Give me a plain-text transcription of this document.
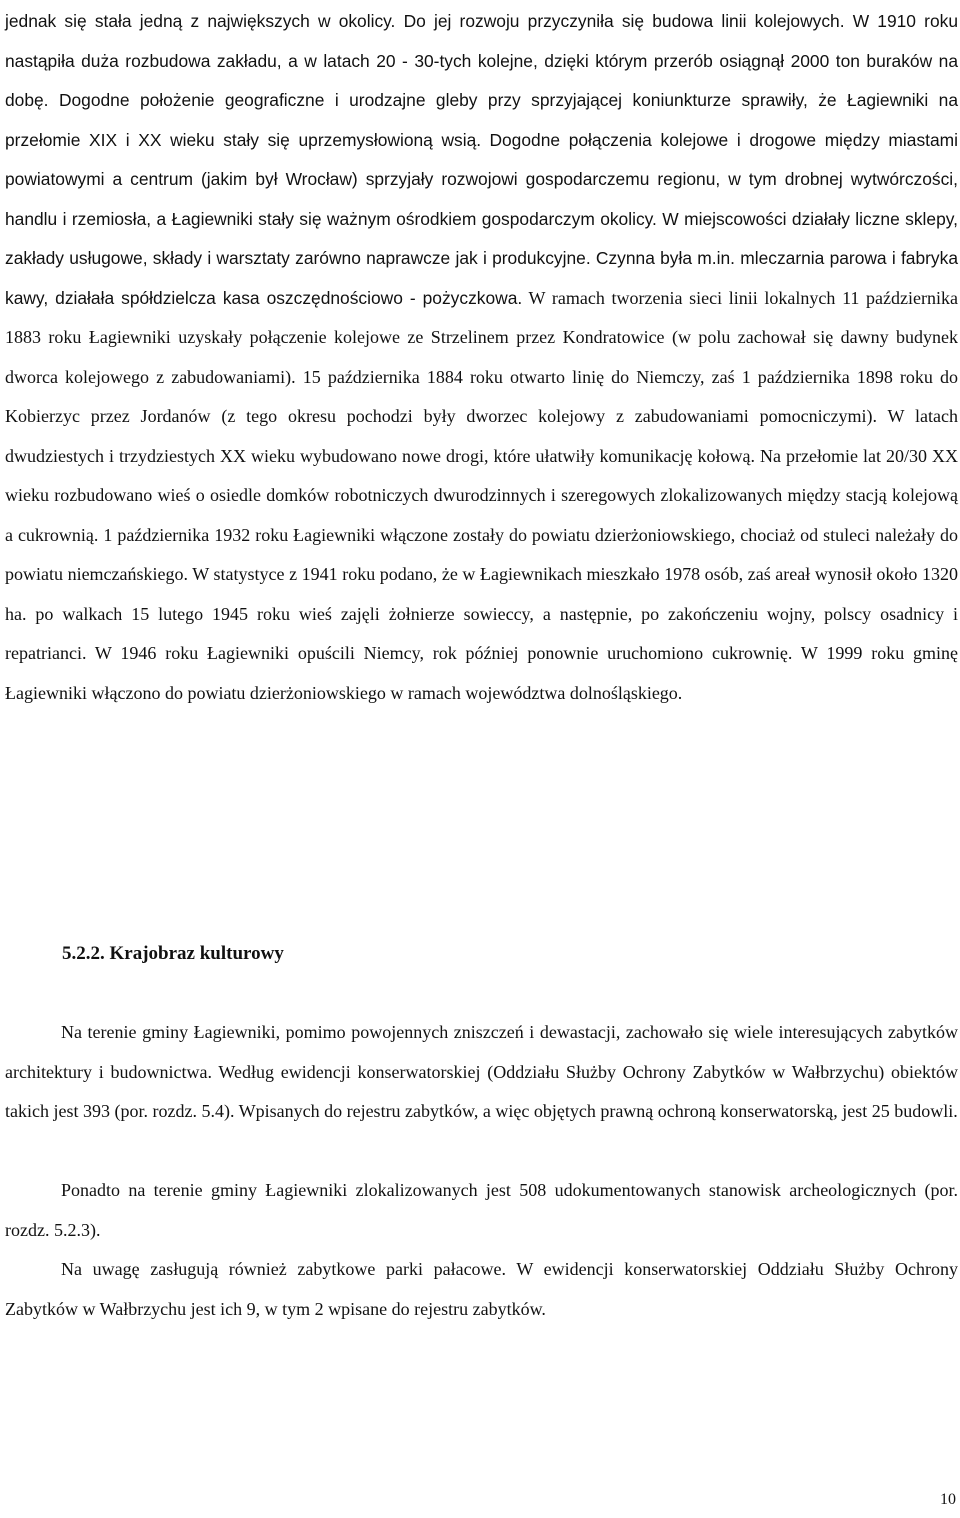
jednak się stała jedną z największych w okolicy. Do jej rozwoju przyczyniła się budowa linii kolejowych. W 1910 roku nastąpiła duża rozbudowa zakładu, a w latach 20 - 30-tych kolejne, dzięki którym przerób osiągnął 2000 ton buraków na dobę. Dogodne położenie geograficzne i urodzajne gleby przy sprzyjającej koniunkturze sprawiły, że Łagiewniki na przełomie XIX i XX wieku stały się uprzemysłowioną wsią. Dogodne połączenia kolejowe i drogowe między miastami powiatowymi a centrum (jakim był Wrocław) sprzyjały rozwojowi gospodarczemu regionu, w tym drobnej wytwórczości, handlu i rzemiosła, a Łagiewniki stały się ważnym ośrodkiem gospodarczym okolicy. W miejscowości działały liczne sklepy, zakłady usługowe, składy i warsztaty zarówno naprawcze jak i produkcyjne. Czynna była m.in. mleczarnia parowa i fabryka kawy, działała spółdzielcza kasa oszczędnościowo - pożyczkowa. W ramach tworzenia sieci linii lokalnych 11 października 1883 roku Łagiewniki uzyskały połączenie kolejowe ze Strzelinem przez Kondratowice (w polu zachował się dawny budynek dworca kolejowego z zabudowaniami). 15 października 1884 roku otwarto linię do Niemczy, zaś 1 października 1898 roku do Kobierzyc przez Jordanów (z tego okresu pochodzi były dworzec kolejowy z zabudowaniami pomocniczymi). W latach dwudziestych i trzydziestych XX wieku wybudowano nowe drogi, które ułatwiły komunikację kołową. Na przełomie lat 20/30 XX wieku rozbudowano wieś o osiedle domków robotniczych dwurodzinnych i szeregowych zlokalizowanych między stacją kolejową a cukrownią. 1 października 1932 roku Łagiewniki włączone zostały do powiatu dzierżoniowskiego, chociaż od stuleci należały do powiatu niemczańskiego. W statystyce z 1941 roku podano, że w Łagiewnikach mieszkało 1978 osób, zaś areał wynosił około 1320 ha. po walkach 15 lutego 1945 roku wieś zajęli żołnierze sowieccy, a następnie, po zakończeniu wojny, polscy osadnicy i repatrianci. W 1946 roku Łagiewniki opuścili Niemcy, rok później ponownie uruchomiono cukrownię. W 1999 roku gminę Łagiewniki włączono do powiatu dzierżoniowskiego w ramach województwa dolnośląskiego.

5.2.2. Krajobraz kulturowy

Na terenie gminy Łagiewniki, pomimo powojennych zniszczeń i dewastacji, zachowało się wiele interesujących zabytków architektury i budownictwa. Według ewidencji konserwatorskiej (Oddziału Służby Ochrony Zabytków w Wałbrzychu) obiektów takich jest 393 (por. rozdz. 5.4). Wpisanych do rejestru zabytków, a więc objętych prawną ochroną konserwatorską, jest 25 budowli.

Ponadto na terenie gminy Łagiewniki zlokalizowanych jest 508 udokumentowanych stanowisk archeologicznych (por. rozdz. 5.2.3).

Na uwagę zasługują również zabytkowe parki pałacowe. W ewidencji konserwatorskiej Oddziału Służby Ochrony Zabytków w Wałbrzychu jest ich 9, w tym 2 wpisane do rejestru zabytków.

10
